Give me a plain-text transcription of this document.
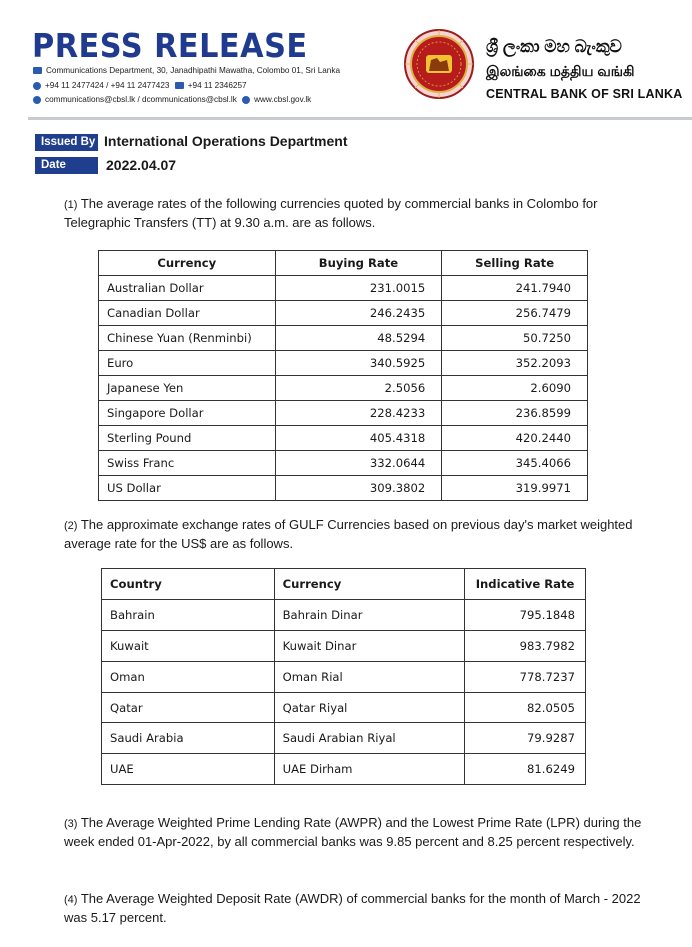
PRESS RELEASE
Communications Department, 30, Janadhipathi Mawatha, Colombo 01, Sri Lanka
+94 11 2477424 / +94 11 2477423 +94 11 2346257
communications@cbsl.lk / dcommunications@cbsl.lk www.cbsl.gov.lk
ශ්‍රී ලංකා මහ බැංකුව
இலங்கை மத்திய வங்கி
CENTRAL BANK OF SRI LANKA
Issued By International Operations Department
Date	2022.04.07
(1) The average rates of the following currencies quoted by commercial banks in Colombo for Telegraphic Transfers (TT) at 9.30 a.m. are as follows.
Currency	Buying Rate	Selling Rate
Australian Dollar	231.0015	241.7940
Canadian Dollar	246.2435	256.7479
Chinese Yuan (Renminbi)	48.5294	50.7250
Euro	340.5925	352.2093
Japanese Yen	2.5056	2.6090
Singapore Dollar	228.4233	236.8599
Sterling Pound	405.4318	420.2440
Swiss Franc	332.0644	345.4066
US Dollar	309.3802	319.9971
(2) The approximate exchange rates of GULF Currencies based on previous day's market weighted average rate for the US$ are as follows.
Country	Currency	Indicative Rate
Bahrain	Bahrain Dinar	795.1848
Kuwait	Kuwait Dinar	983.7982
Oman	Oman Rial	778.7237
Qatar	Qatar Riyal	82.0505
Saudi Arabia	Saudi Arabian Riyal	79.9287
UAE	UAE Dirham	81.6249
(3) The Average Weighted Prime Lending Rate (AWPR) and the Lowest Prime Rate (LPR) during the week ended 01-Apr-2022, by all commercial banks was 9.85 percent and 8.25 percent respectively.
(4) The Average Weighted Deposit Rate (AWDR) of commercial banks for the month of March - 2022 was 5.17 percent.
